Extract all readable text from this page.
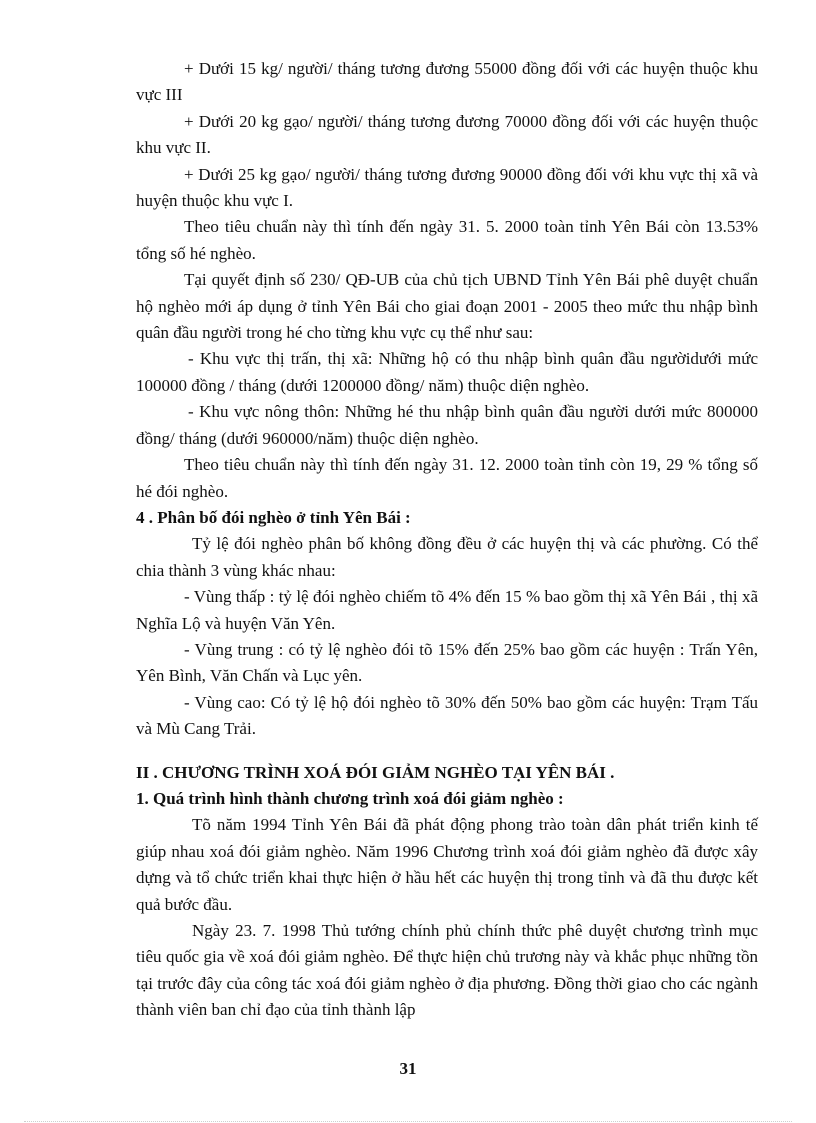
+ Dưới 15 kg/ người/ tháng tương đương 55000 đồng đối với các huyện thuộc khu vực III

+ Dưới 20 kg gạo/ người/ tháng tương đương 70000 đồng đối với các huyện thuộc khu vực II.

+ Dưới 25 kg gạo/ người/ tháng tương đương 90000 đồng đối với khu vực thị xã và huyện thuộc khu vực I.

Theo tiêu chuẩn này thì tính đến ngày 31. 5. 2000 toàn tỉnh Yên Bái còn 13.53% tổng số hé nghèo.

Tại quyết định số 230/ QĐ-UB của chủ tịch UBND Tỉnh Yên Bái phê duyệt chuẩn hộ nghèo mới áp dụng ở tỉnh Yên Bái cho giai đoạn 2001 - 2005 theo mức thu nhập bình quân đầu người trong hé cho từng khu vực cụ thể như sau:

- Khu vực thị trấn, thị xã: Những hộ có thu nhập bình quân đầu ngườidưới mức 100000 đồng / tháng (dưới 1200000 đồng/ năm) thuộc diện nghèo.

- Khu vực nông thôn: Những hé thu nhập bình quân đầu người dưới mức 800000 đồng/ tháng (dưới 960000/năm) thuộc diện nghèo.

Theo tiêu chuẩn này thì tính đến ngày 31. 12. 2000 toàn tỉnh còn 19, 29 % tổng số hé đói nghèo.

4 . Phân bố đói nghèo ở tỉnh Yên Bái :

Tỷ lệ đói nghèo phân bố không đồng đều ở các huyện thị và các phường. Có thể chia thành 3 vùng khác nhau:

- Vùng thấp : tỷ lệ đói nghèo chiếm tõ 4% đến 15 % bao gồm thị xã Yên Bái , thị xã Nghĩa Lộ và huyện Văn Yên.

- Vùng trung : có tỷ lệ nghèo đói tõ 15% đến 25% bao gồm các huyện : Trấn Yên, Yên Bình, Văn Chấn và Lục yên.

- Vùng cao: Có tỷ lệ hộ đói nghèo tõ 30% đến 50% bao gồm các huyện: Trạm Tấu và Mù Cang Trải.

II . CHƯƠNG TRÌNH XOÁ ĐÓI GIẢM NGHÈO TẠI YÊN BÁI .

1. Quá trình hình thành chương trình xoá đói giảm nghèo :

Tõ năm 1994 Tỉnh Yên Bái đã phát động phong trào toàn dân phát triển kinh tế giúp nhau xoá đói giảm nghèo. Năm 1996 Chương trình xoá đói giảm nghèo đã được xây dựng và tổ chức triển khai thực hiện ở hầu hết các huyện thị trong tỉnh và đã thu được kết quả bước đầu.

Ngày 23. 7. 1998 Thủ tướng chính phủ chính thức phê duyệt chương trình mục tiêu quốc gia về xoá đói giảm nghèo. Để thực hiện chủ trương này và khắc phục những tồn tại trước đây của công tác xoá đói giảm nghèo ở địa phương. Đồng thời giao cho các ngành thành viên ban chỉ đạo của tỉnh thành lập

31
